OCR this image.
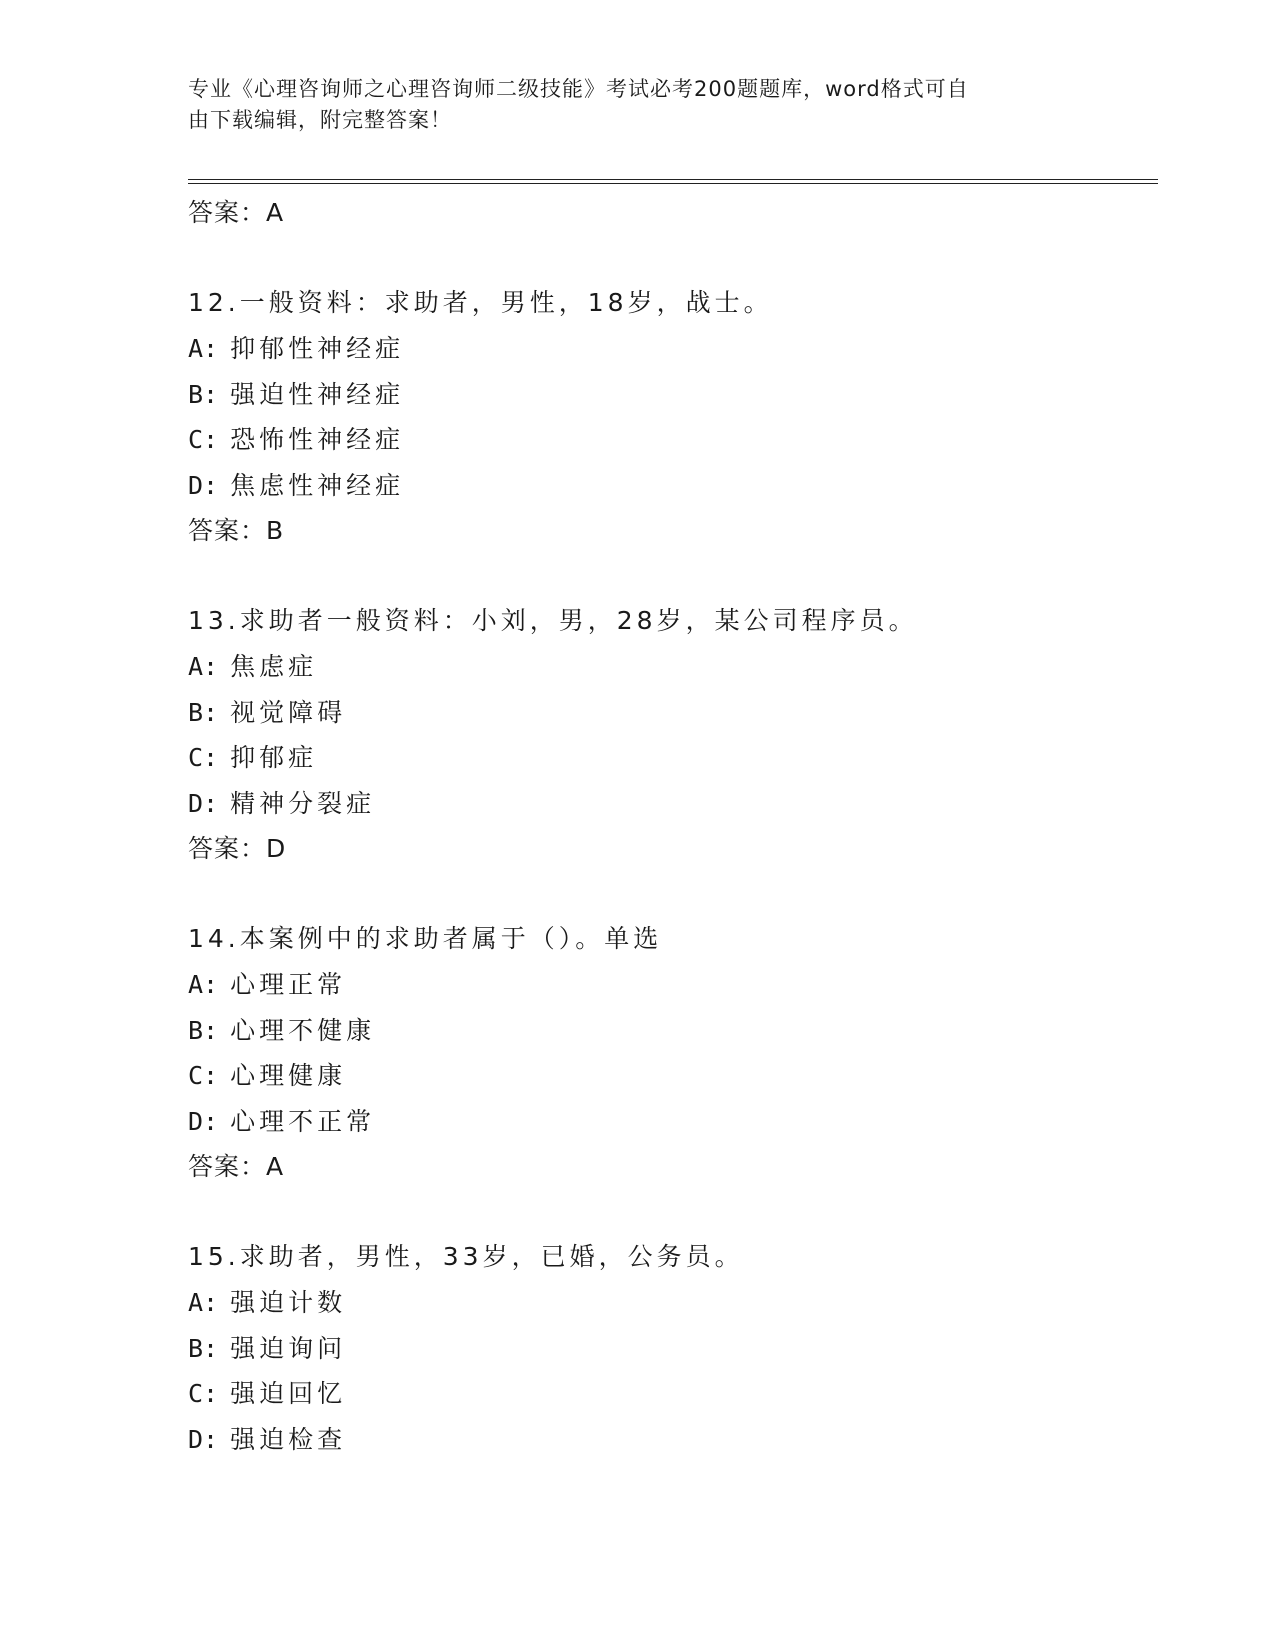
专业《心理咨询师之心理咨询师二级技能》考试必考200题题库，word格式可自
由下载编辑，附完整答案！
答案：A
12.一般资料：求助者，男性，18岁，战士。
A: 抑郁性神经症
B: 强迫性神经症
C: 恐怖性神经症
D: 焦虑性神经症
答案：B
13.求助者一般资料：小刘，男，28岁，某公司程序员。
A: 焦虑症
B: 视觉障碍
C: 抑郁症
D: 精神分裂症
答案：D
14.本案例中的求助者属于（）。单选
A: 心理正常
B: 心理不健康
C: 心理健康
D: 心理不正常
答案：A
15.求助者，男性，33岁，已婚，公务员。
A: 强迫计数
B: 强迫询问
C: 强迫回忆
D: 强迫检查
